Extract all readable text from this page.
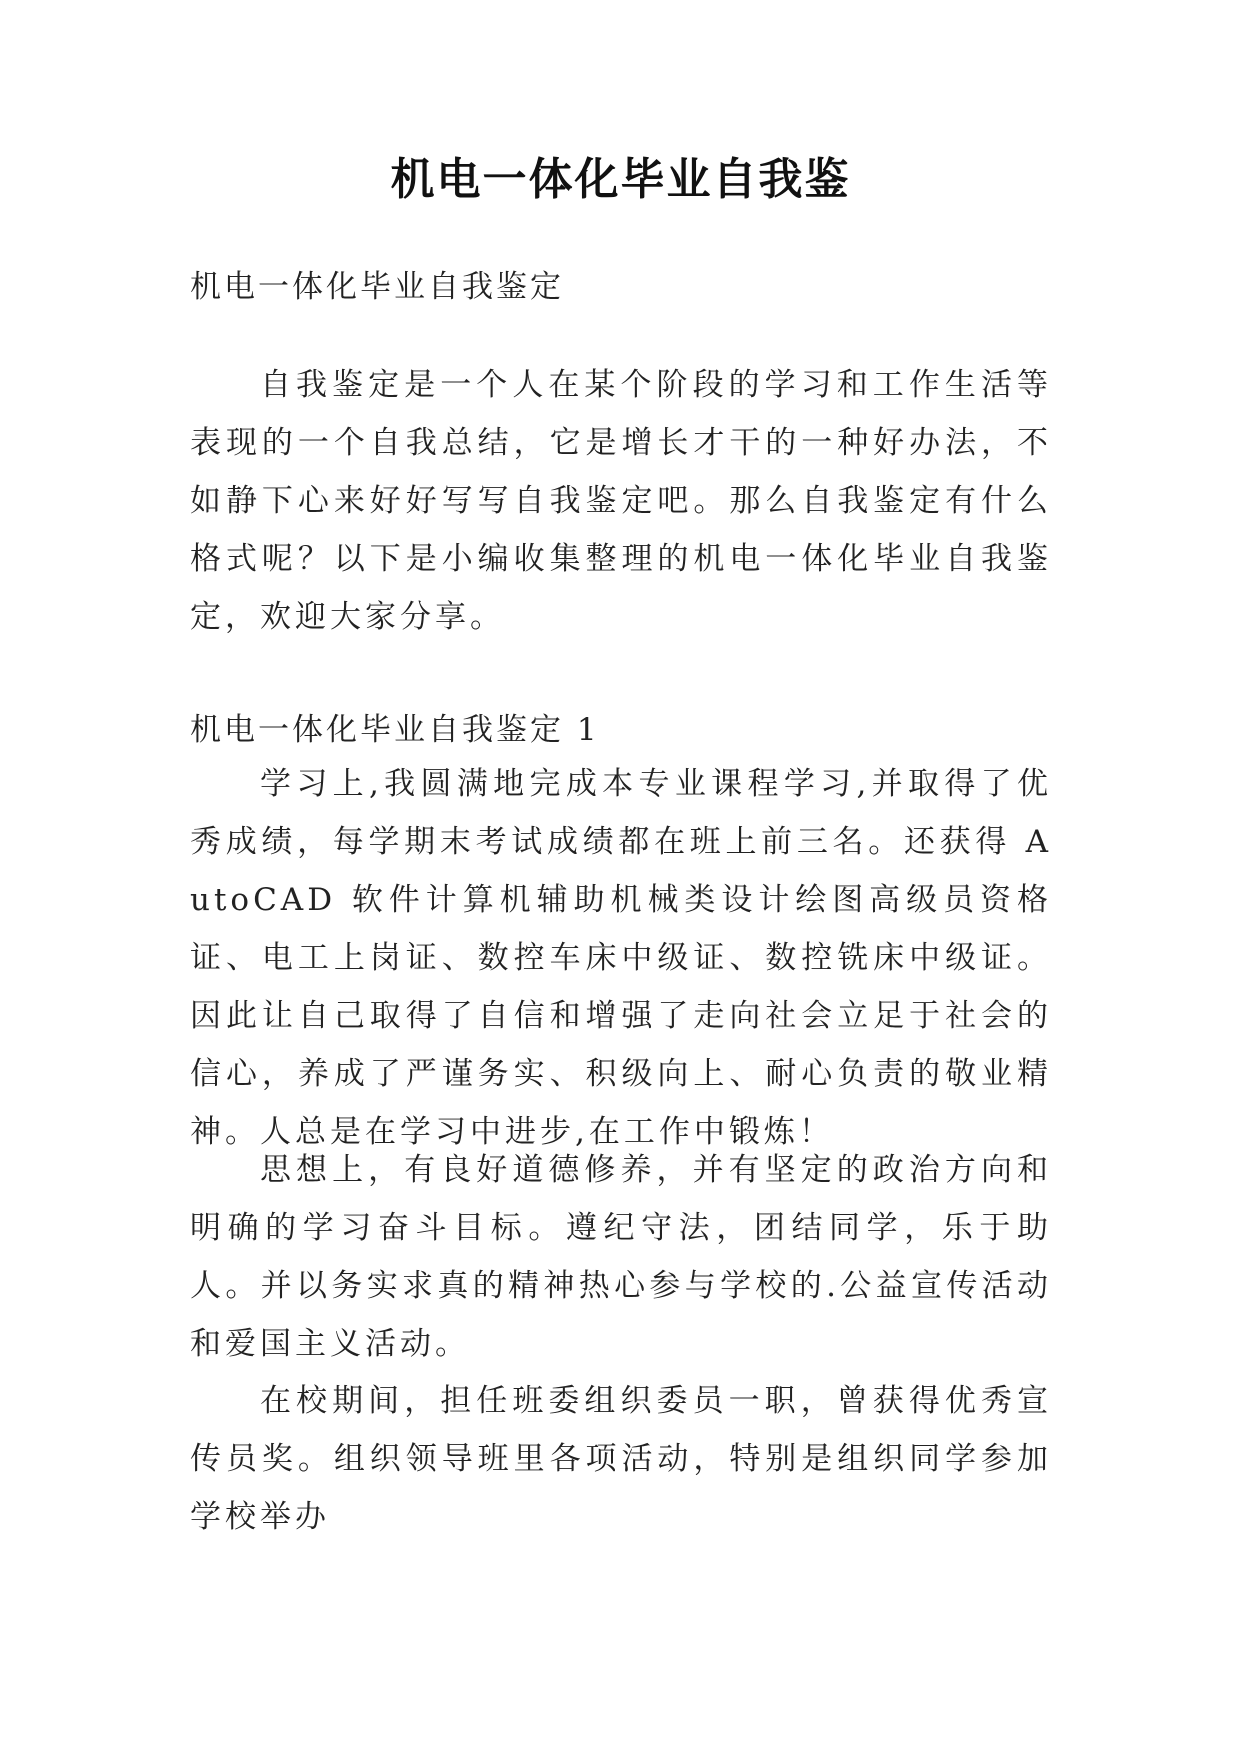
机电一体化毕业自我鉴

机电一体化毕业自我鉴定

自我鉴定是一个人在某个阶段的学习和工作生活等表现的一个自我总结，它是增长才干的一种好办法，不如静下心来好好写写自我鉴定吧。那么自我鉴定有什么格式呢？以下是小编收集整理的机电一体化毕业自我鉴定，欢迎大家分享。

机电一体化毕业自我鉴定 1

学习上,我圆满地完成本专业课程学习,并取得了优秀成绩，每学期末考试成绩都在班上前三名。还获得 AutoCAD 软件计算机辅助机械类设计绘图高级员资格证、电工上岗证、数控车床中级证、数控铣床中级证。因此让自己取得了自信和增强了走向社会立足于社会的信心，养成了严谨务实、积级向上、耐心负责的敬业精神。人总是在学习中进步,在工作中锻炼！

思想上，有良好道德修养，并有坚定的政治方向和明确的学习奋斗目标。遵纪守法，团结同学，乐于助人。并以务实求真的精神热心参与学校的.公益宣传活动和爱国主义活动。

在校期间，担任班委组织委员一职，曾获得优秀宣传员奖。组织领导班里各项活动，特别是组织同学参加学校举办
